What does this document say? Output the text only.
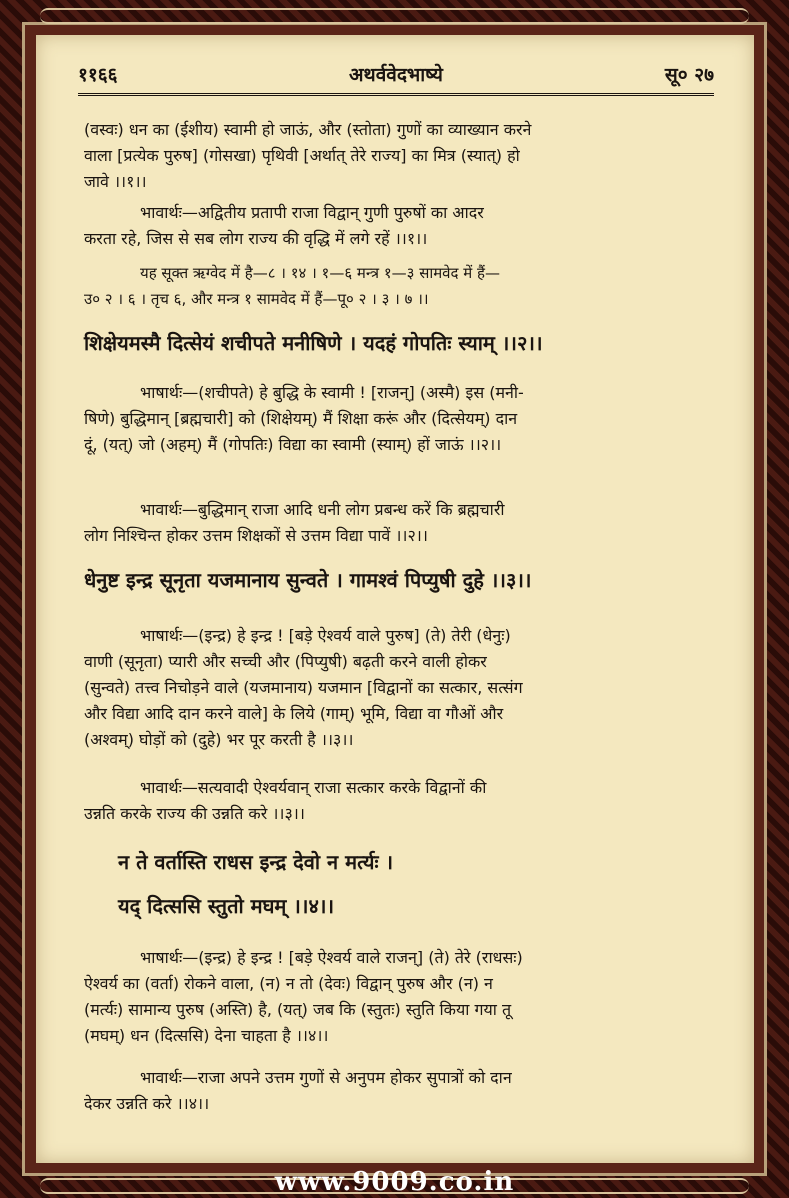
११६६	अथर्ववेदभाष्ये	सू० २७
(वस्वः) धन का (ईशीय) स्वामी हो जाऊं, और (स्तोता) गुणों का व्याख्यान करने
वाला [प्रत्येक पुरुष] (गोसखा) पृथिवी [अर्थात् तेरे राज्य] का मित्र (स्यात्) हो
जावे ।।१।।
भावार्थः—अद्वितीय प्रतापी राजा विद्वान् गुणी पुरुषों का आदर
करता रहे, जिस से सब लोग राज्य की वृद्धि में लगे रहें ।।१।।
यह सूक्त ऋग्वेद में है—८ । १४ । १—६ मन्त्र १—३ सामवेद में हैं—
उ० २ । ६ । तृच ६, और मन्त्र १ सामवेद में हैं—पू० २ । ३ । ७ ।।
शिक्षेयमस्मै दित्सेयं शचीपते मनीषिणे । यदहं गोपतिः स्याम् ।।२।।
भाषार्थः—(शचीपते) हे बुद्धि के स्वामी ! [राजन्] (अस्मै) इस (मनी-
षिणे) बुद्धिमान् [ब्रह्मचारी] को (शिक्षेयम्) मैं शिक्षा करूं और (दित्सेयम्) दान
दूं, (यत्) जो (अहम्) मैं (गोपतिः) विद्या का स्वामी (स्याम्) हों जाऊं ।।२।।
भावार्थः—बुद्धिमान् राजा आदि धनी लोग प्रबन्ध करें कि ब्रह्मचारी
लोग निश्चिन्त होकर उत्तम शिक्षकों से उत्तम विद्या पावें ।।२।।
धेनुष्ट इन्द्र सूनृता यजमानाय सुन्वते । गामश्वं पिप्युषी दुहे ।।३।।
भाषार्थः—(इन्द्र) हे इन्द्र ! [बड़े ऐश्वर्य वाले पुरुष] (ते) तेरी (धेनुः)
वाणी (सूनृता) प्यारी और सच्ची और (पिप्युषी) बढ़ती करने वाली होकर
(सुन्वते) तत्त्व निचोड़ने वाले (यजमानाय) यजमान [विद्वानों का सत्कार, सत्संग
और विद्या आदि दान करने वाले] के लिये (गाम्) भूमि, विद्या वा गौओं और
(अश्वम्) घोड़ों को (दुहे) भर पूर करती है ।।३।।
भावार्थः—सत्यवादी ऐश्वर्यवान् राजा सत्कार करके विद्वानों की
उन्नति करके राज्य की उन्नति करे ।।३।।
न ते वर्तास्ति राधस इन्द्र देवो न मर्त्यः ।
यद् दित्ससि स्तुतो मघम् ।।४।।
भाषार्थः—(इन्द्र) हे इन्द्र ! [बड़े ऐश्वर्य वाले राजन्] (ते) तेरे (राधसः)
ऐश्वर्य का (वर्ता) रोकने वाला, (न) न तो (देवः) विद्वान् पुरुष और (न) न
(मर्त्यः) सामान्य पुरुष (अस्ति) है, (यत्) जब कि (स्तुतः) स्तुति किया गया तू
(मघम्) धन (दित्ससि) देना चाहता है ।।४।।
भावार्थः—राजा अपने उत्तम गुणों से अनुपम होकर सुपात्रों को दान
देकर उन्नति करे ।।४।।
www.9009.co.in
